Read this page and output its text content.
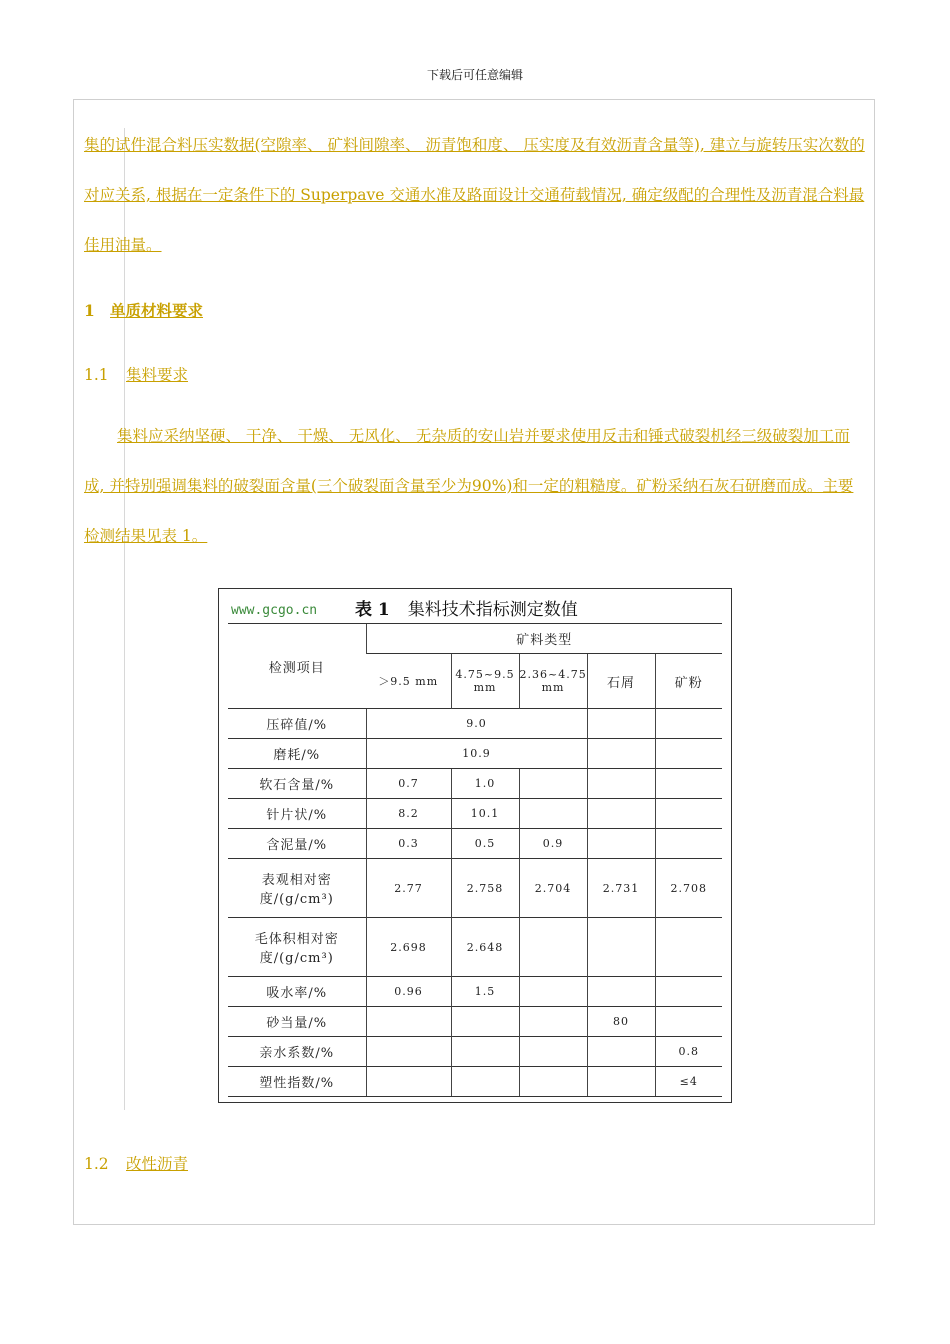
下载后可任意编辑
集的试件混合料压实数据(空隙率、 矿料间隙率、 沥青饱和度、 压实度及有效沥青含量等), 建立与旋转压实次数的对应关系, 根据在一定条件下的 Superpave 交通水准及路面设计交通荷载情况, 确定级配的合理性及沥青混合料最佳用油量。
1 单质材料要求
1.1 集料要求
集料应采纳坚硬、 干净、 干燥、 无风化、 无杂质的安山岩并要求使用反击和锤式破裂机经三级破裂加工而成, 并特别强调集料的破裂面含量(三个破裂面含量至少为90%)和一定的粗糙度。矿粉采纳石灰石研磨而成。主要检测结果见表 1。
www.gcgo.cn 表 1 集料技术指标测定数值
检测项目	矿料类型				
	＞9.5 mm	4.75~9.5 mm	2.36~4.75 mm	石屑	矿粉
压碎值/%	9.0				
磨耗/%	10.9				
软石含量/%	0.7	1.0			
针片状/%	8.2	10.1			
含泥量/%	0.3	0.5	0.9		
表观相对密度/(g/cm³)	2.77	2.758	2.704	2.731	2.708
毛体积相对密度/(g/cm³)	2.698	2.648			
吸水率/%	0.96	1.5			
砂当量/%				80	
亲水系数/%					0.8
塑性指数/%					≤4
1.2 改性沥青
